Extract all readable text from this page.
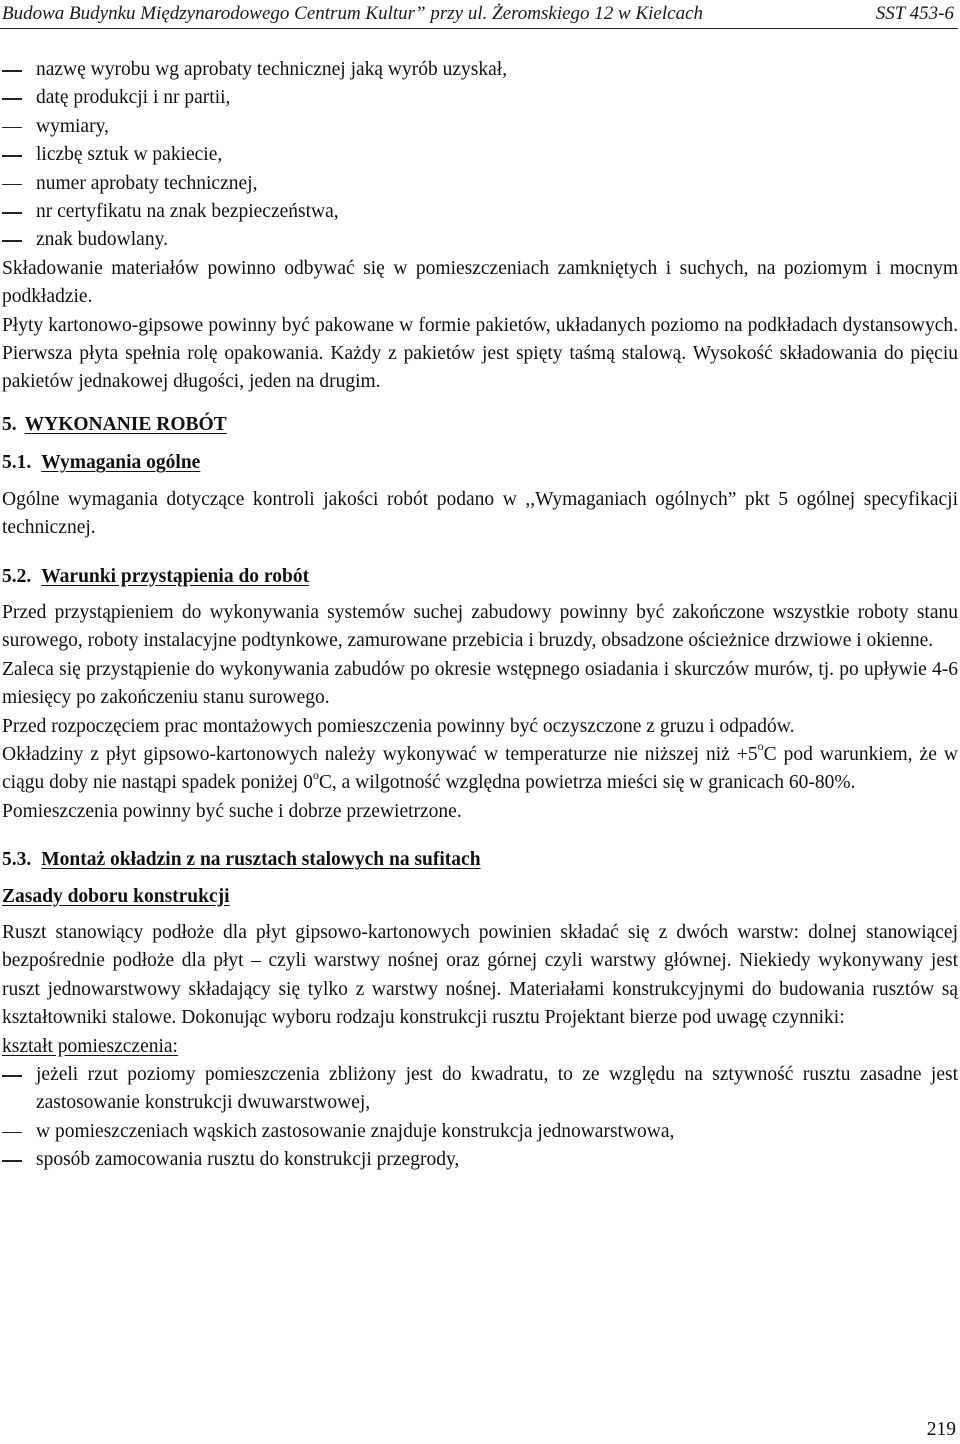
Budowa Budynku Międzynarodowego Centrum Kultur” przy ul. Żeromskiego 12 w Kielcach	SST 453-6
nazwę wyrobu wg aprobaty technicznej jaką wyrób uzyskał,
datę produkcji i nr partii,
wymiary,
liczbę sztuk w pakiecie,
numer aprobaty technicznej,
nr certyfikatu na znak bezpieczeństwa,
znak budowlany.

Składowanie materiałów powinno odbywać się w pomieszczeniach zamkniętych i suchych, na poziomym i mocnym podkładzie.

Płyty kartonowo-gipsowe powinny być pakowane w formie pakietów, układanych poziomo na podkładach dystansowych. Pierwsza płyta spełnia rolę opakowania. Każdy z pakietów jest spięty taśmą stalową. Wysokość składowania do pięciu pakietów jednakowej długości, jeden na drugim.

5. WYKONANIE ROBÓT
5.1. Wymagania ogólne

Ogólne wymagania dotyczące kontroli jakości robót podano w ,,Wymaganiach ogólnych” pkt 5 ogólnej specyfikacji technicznej.

5.2. Warunki przystąpienia do robót

Przed przystąpieniem do wykonywania systemów suchej zabudowy powinny być zakończone wszystkie roboty stanu surowego, roboty instalacyjne podtynkowe, zamurowane przebicia i bruzdy, obsadzone ościeżnice drzwiowe i okienne.

Zaleca się przystąpienie do wykonywania zabudów po okresie wstępnego osiadania i skurczów murów, tj. po upływie 4-6 miesięcy po zakończeniu stanu surowego.

Przed rozpoczęciem prac montażowych pomieszczenia powinny być oczyszczone z gruzu i odpadów.

Okładziny z płyt gipsowo-kartonowych należy wykonywać w temperaturze nie niższej niż $+5^oC$ pod warunkiem, że w ciągu doby nie nastąpi spadek poniżej 0$^o$C, a wilgotność względna powietrza mieści się w granicach 60-80%.

Pomieszczenia powinny być suche i dobrze przewietrzone.

5.3. Montaż okładzin z na rusztach stalowych na sufitach
Zasady doboru konstrukcji

Ruszt stanowiący podłoże dla płyt gipsowo-kartonowych powinien składać się z dwóch warstw: dolnej stanowiącej bezpośrednie podłoże dla płyt – czyli warstwy nośnej oraz górnej czyli warstwy głównej. Niekiedy wykonywany jest ruszt jednowarstwowy składający się tylko z warstwy nośnej. Materiałami konstrukcyjnymi do budowania rusztów są kształtowniki stalowe. Dokonując wyboru rodzaju konstrukcji rusztu Projektant bierze pod uwagę czynniki:

kształt pomieszczenia:

jeżeli rzut poziomy pomieszczenia zbliżony jest do kwadratu, to ze względu na sztywność rusztu zasadne jest zastosowanie konstrukcji dwuwarstwowej,
w pomieszczeniach wąskich zastosowanie znajduje konstrukcja jednowarstwowa,
sposób zamocowania rusztu do konstrukcji przegrody,
219
